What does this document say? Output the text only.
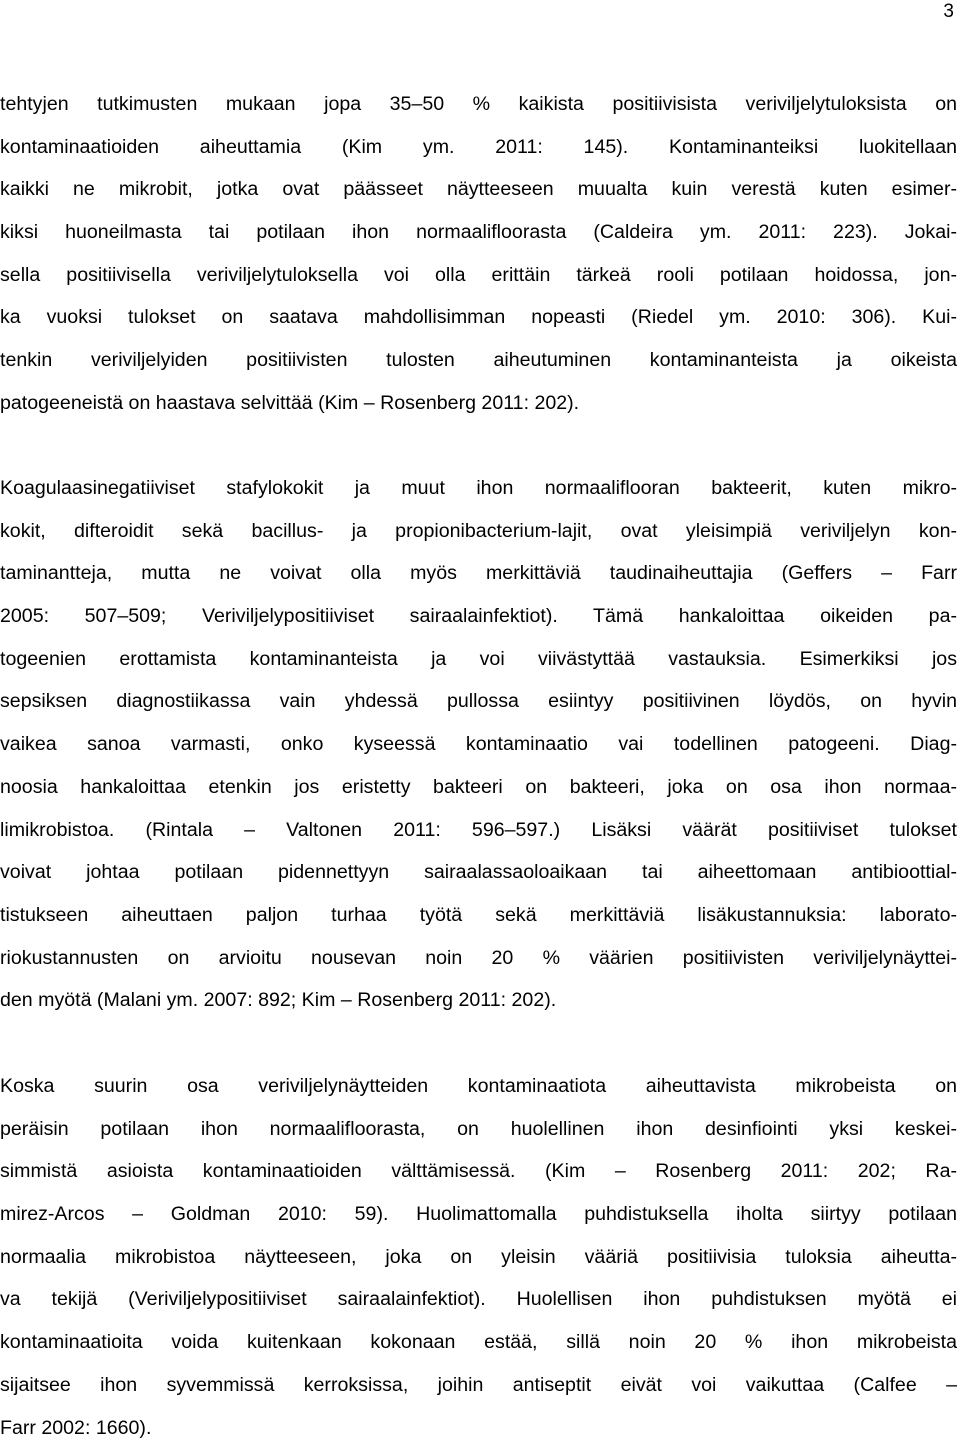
3
tehtyjen tutkimusten mukaan jopa 35–50 % kaikista positiivisista veriviljelytuloksista on
kontaminaatioiden aiheuttamia (Kim ym. 2011: 145). Kontaminanteiksi luokitellaan
kaikki ne mikrobit, jotka ovat päässeet näytteeseen muualta kuin verestä kuten esimer-
kiksi huoneilmasta tai potilaan ihon normaalifloorasta (Caldeira ym. 2011: 223). Jokai-
sella positiivisella veriviljelytuloksella voi olla erittäin tärkeä rooli potilaan hoidossa, jon-
ka vuoksi tulokset on saatava mahdollisimman nopeasti (Riedel ym. 2010: 306). Kui-
tenkin veriviljelyiden positiivisten tulosten aiheutuminen kontaminanteista ja oikeista
patogeeneistä on haastava selvittää (Kim – Rosenberg 2011: 202).
Koagulaasinegatiiviset stafylokokit ja muut ihon normaaliflooran bakteerit, kuten mikro-
kokit, difteroidit sekä bacillus- ja propionibacterium-lajit, ovat yleisimpiä veriviljelyn kon-
taminantteja, mutta ne voivat olla myös merkittäviä taudinaiheuttajia (Geffers – Farr
2005: 507–509; Veriviljelypositiiviset sairaalainfektiot). Tämä hankaloittaa oikeiden pa-
togeenien erottamista kontaminanteista ja voi viivästyttää vastauksia. Esimerkiksi jos
sepsiksen diagnostiikassa vain yhdessä pullossa esiintyy positiivinen löydös, on hyvin
vaikea sanoa varmasti, onko kyseessä kontaminaatio vai todellinen patogeeni. Diag-
noosia hankaloittaa etenkin jos eristetty bakteeri on bakteeri, joka on osa ihon normaa-
limikrobistoa. (Rintala – Valtonen 2011: 596–597.) Lisäksi väärät positiiviset tulokset
voivat johtaa potilaan pidennettyyn sairaalassaoloaikaan tai aiheettomaan antibioottial-
tistukseen aiheuttaen paljon turhaa työtä sekä merkittäviä lisäkustannuksia: laborato-
riokustannusten on arvioitu nousevan noin 20 % väärien positiivisten veriviljelynäyttei-
den myötä (Malani ym. 2007: 892; Kim – Rosenberg 2011: 202).
Koska suurin osa veriviljelynäytteiden kontaminaatiota aiheuttavista mikrobeista on
peräisin potilaan ihon normaalifloorasta, on huolellinen ihon desinfiointi yksi keskei-
simmistä asioista kontaminaatioiden välttämisessä. (Kim – Rosenberg 2011: 202; Ra-
mirez-Arcos – Goldman 2010: 59). Huolimattomalla puhdistuksella iholta siirtyy potilaan
normaalia mikrobistoa näytteeseen, joka on yleisin vääriä positiivisia tuloksia aiheutta-
va tekijä (Veriviljelypositiiviset sairaalainfektiot). Huolellisen ihon puhdistuksen myötä ei
kontaminaatioita voida kuitenkaan kokonaan estää, sillä noin 20 % ihon mikrobeista
sijaitsee ihon syvemmissä kerroksissa, joihin antiseptit eivät voi vaikuttaa (Calfee –
Farr 2002: 1660).
